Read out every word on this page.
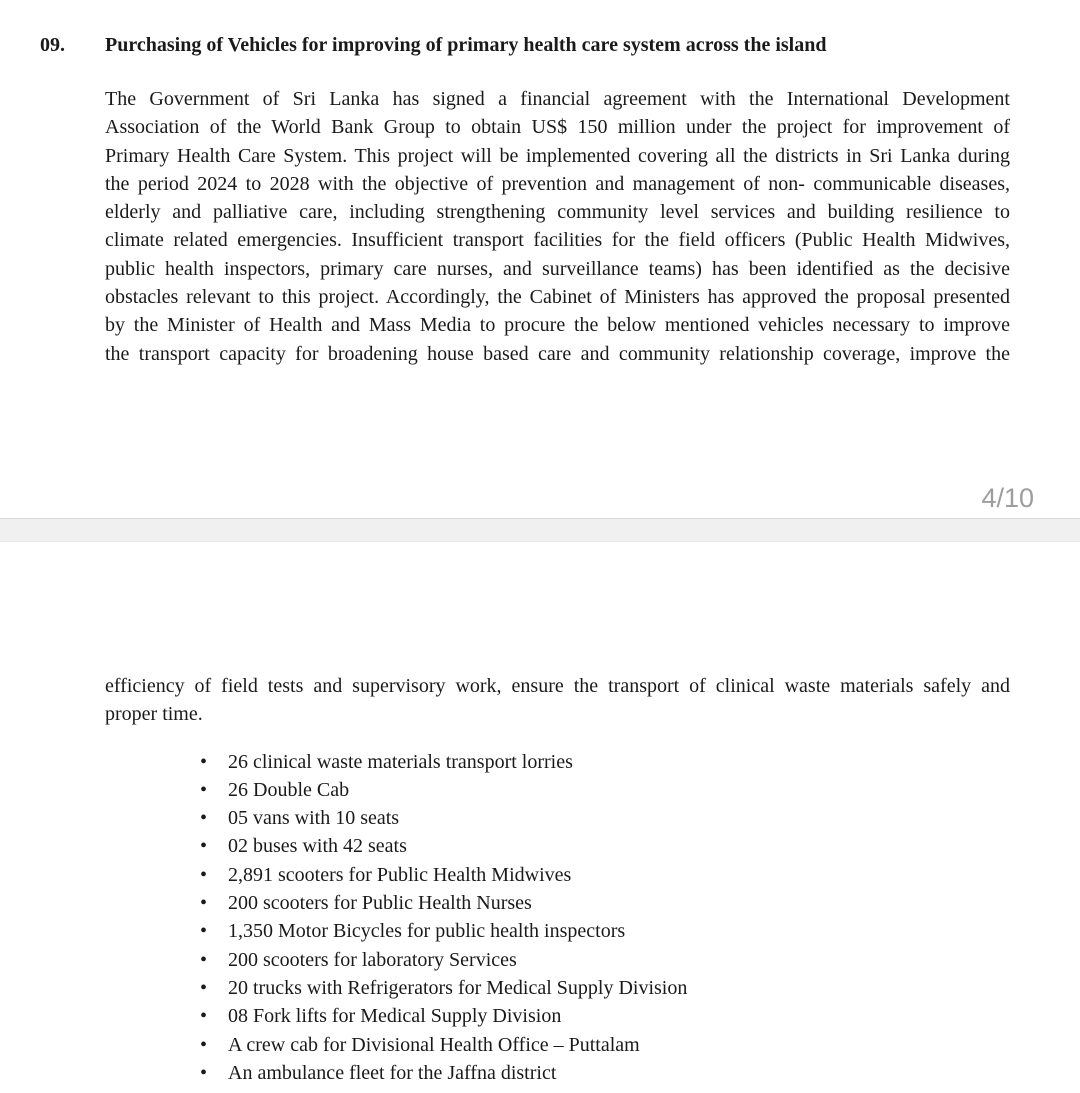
09.	Purchasing of Vehicles for improving of primary health care system across the island
The Government of Sri Lanka has signed a financial agreement with the International Development
Association of the World Bank Group to obtain US$ 150 million under the project for improvement of
Primary Health Care System. This project will be implemented covering all the districts in Sri Lanka during
the period 2024 to 2028 with the objective of prevention and management of non- communicable diseases,
elderly and palliative care, including strengthening community level services and building resilience to
climate related emergencies. Insufficient transport facilities for the field officers (Public Health Midwives,
public health inspectors, primary care nurses, and surveillance teams) has been identified as the decisive
obstacles relevant to this project. Accordingly, the Cabinet of Ministers has approved the proposal presented
by the Minister of Health and Mass Media to procure the below mentioned vehicles necessary to improve
the transport capacity for broadening house based care and community relationship coverage, improve the
4/10
efficiency of field tests and supervisory work, ensure the transport of clinical waste materials safely and
proper time.
•	26 clinical waste materials transport lorries
•	26 Double Cab
•	05 vans with 10 seats
•	02 buses with 42 seats
•	2,891 scooters for Public Health Midwives
•	200 scooters for Public Health Nurses
•	1,350 Motor Bicycles for public health inspectors
•	200 scooters for laboratory Services
•	20 trucks with Refrigerators for Medical Supply Division
•	08 Fork lifts for Medical Supply Division
•	A crew cab for Divisional Health Office – Puttalam
•	An ambulance fleet for the Jaffna district
